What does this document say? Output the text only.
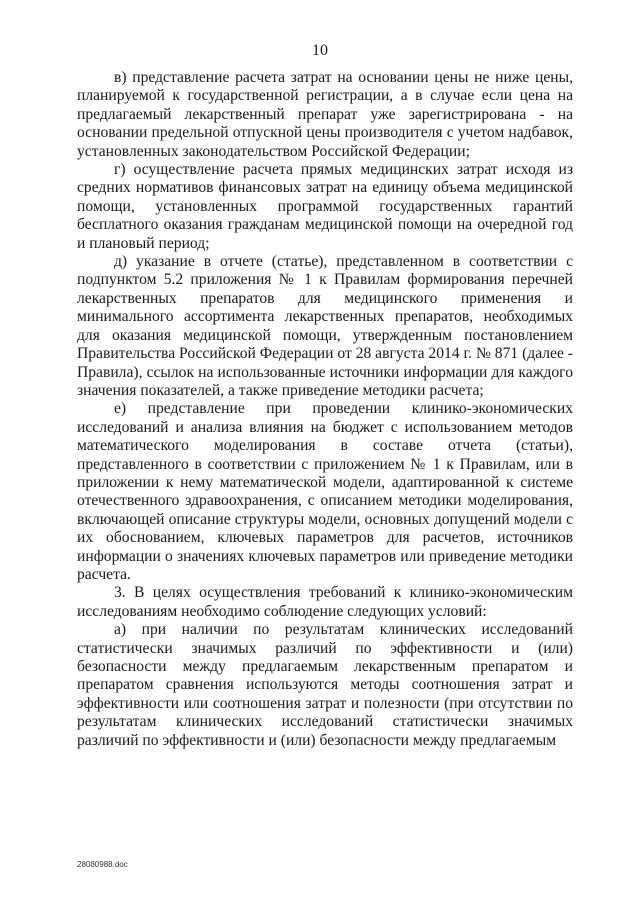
10

в) представление расчета затрат на основании цены не ниже цены, планируемой к государственной регистрации, а в случае если цена на предлагаемый лекарственный препарат уже зарегистрирована - на основании предельной отпускной цены производителя с учетом надбавок, установленных законодательством Российской Федерации;

г) осуществление расчета прямых медицинских затрат исходя из средних нормативов финансовых затрат на единицу объема медицинской помощи, установленных программой государственных гарантий бесплатного оказания гражданам медицинской помощи на очередной год и плановый период;

д) указание в отчете (статье), представленном в соответствии с подпунктом 5.2 приложения № 1 к Правилам формирования перечней лекарственных препаратов для медицинского применения и минимального ассортимента лекарственных препаратов, необходимых для оказания медицинской помощи, утвержденным постановлением Правительства Российской Федерации от 28 августа 2014 г. № 871 (далее - Правила), ссылок на использованные источники информации для каждого значения показателей, а также приведение методики расчета;

е) представление при проведении клинико-экономических исследований и анализа влияния на бюджет с использованием методов математического моделирования в составе отчета (статьи), представленного в соответствии с приложением № 1 к Правилам, или в приложении к нему математической модели, адаптированной к системе отечественного здравоохранения, с описанием методики моделирования, включающей описание структуры модели, основных допущений модели с их обоснованием, ключевых параметров для расчетов, источников информации о значениях ключевых параметров или приведение методики расчета.

3. В целях осуществления требований к клинико-экономическим исследованиям необходимо соблюдение следующих условий:

а) при наличии по результатам клинических исследований статистически значимых различий по эффективности и (или) безопасности между предлагаемым лекарственным препаратом и препаратом сравнения используются методы соотношения затрат и эффективности или соотношения затрат и полезности (при отсутствии по результатам клинических исследований статистически значимых различий по эффективности и (или) безопасности между предлагаемым

28080988.doc
